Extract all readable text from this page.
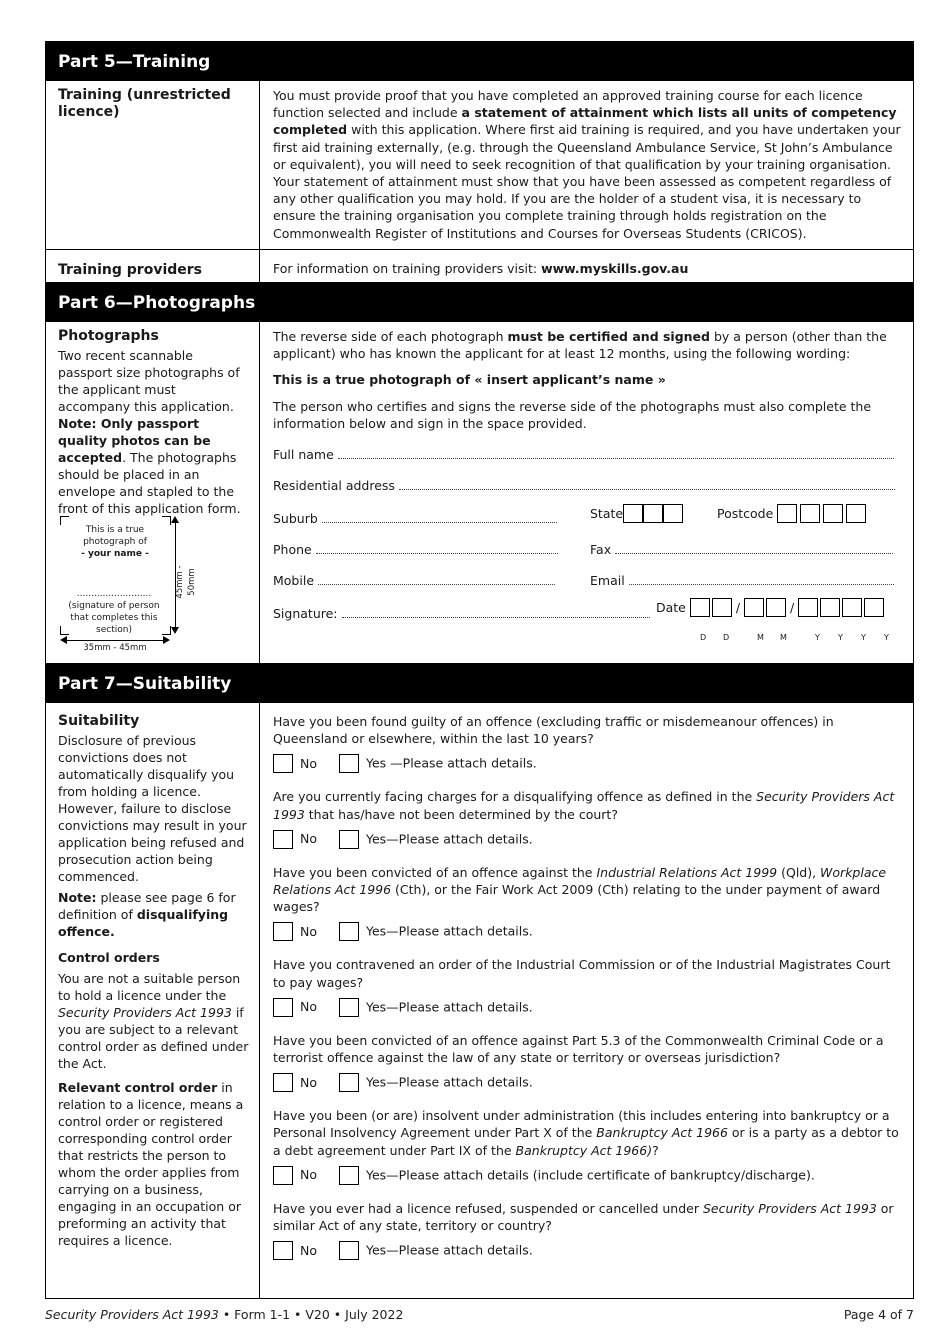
Part 5—Training
Training (unrestricted licence)
You must provide proof that you have completed an approved training course for each licence function selected and include a statement of attainment which lists all units of competency completed with this application. Where first aid training is required, and you have undertaken your first aid training externally, (e.g. through the Queensland Ambulance Service, St John’s Ambulance or equivalent), you will need to seek recognition of that qualification by your training organisation. Your statement of attainment must show that you have been assessed as competent regardless of any other qualification you may hold. If you are the holder of a student visa, it is necessary to ensure the training organisation you complete training through holds registration on the Commonwealth Register of Institutions and Courses for Overseas Students (CRICOS).
Training providers	For information on training providers visit: www.myskills.gov.au
Part 6—Photographs
Photographs
Two recent scannable passport size photographs of the applicant must accompany this application. Note: Only passport quality photos can be accepted. The photographs should be placed in an envelope and stapled to the front of this application form.
This is a true
photograph of
- your name -
..........................
(signature of person that completes this section)
45mm - 50mm
35mm - 45mm
The reverse side of each photograph must be certified and signed by a person (other than the applicant) who has known the applicant for at least 12 months, using the following wording:
This is a true photograph of « insert applicant’s name »
The person who certifies and signs the reverse side of the photographs must also complete the information below and sign in the space provided.
Full name
Residential address
Suburb	State	Postcode
Phone	Fax
Mobile	Email
Signature:	Date	/	/
D D	M M	Y Y Y Y
Part 7—Suitability
Suitability
Disclosure of previous convictions does not automatically disqualify you from holding a licence. However, failure to disclose convictions may result in your application being refused and prosecution action being commenced.
Note: please see page 6 for definition of disqualifying offence.
Control orders
You are not a suitable person to hold a licence under the Security Providers Act 1993 if you are subject to a relevant control order as defined under the Act.
Relevant control order in relation to a licence, means a control order or registered corresponding control order that restricts the person to whom the order applies from carrying on a business, engaging in an occupation or preforming an activity that requires a licence.
Have you been found guilty of an offence (excluding traffic or misdemeanour offences) in Queensland or elsewhere, within the last 10 years?
No	Yes —Please attach details.
Are you currently facing charges for a disqualifying offence as defined in the Security Providers Act 1993 that has/have not been determined by the court?
No	Yes—Please attach details.
Have you been convicted of an offence against the Industrial Relations Act 1999 (Qld), Workplace Relations Act 1996 (Cth), or the Fair Work Act 2009 (Cth) relating to the under payment of award wages?
No	Yes—Please attach details.
Have you contravened an order of the Industrial Commission or of the Industrial Magistrates Court to pay wages?
No	Yes—Please attach details.
Have you been convicted of an offence against Part 5.3 of the Commonwealth Criminal Code or a terrorist offence against the law of any state or territory or overseas jurisdiction?
No	Yes—Please attach details.
Have you been (or are) insolvent under administration (this includes entering into bankruptcy or a Personal Insolvency Agreement under Part X of the Bankruptcy Act 1966 or is a party as a debtor to a debt agreement under Part IX of the Bankruptcy Act 1966)?
No	Yes—Please attach details (include certificate of bankruptcy/discharge).
Have you ever had a licence refused, suspended or cancelled under Security Providers Act 1993 or similar Act of any state, territory or country?
No	Yes—Please attach details.
Security Providers Act 1993 • Form 1-1 • V20 • July 2022	Page 4 of 7
